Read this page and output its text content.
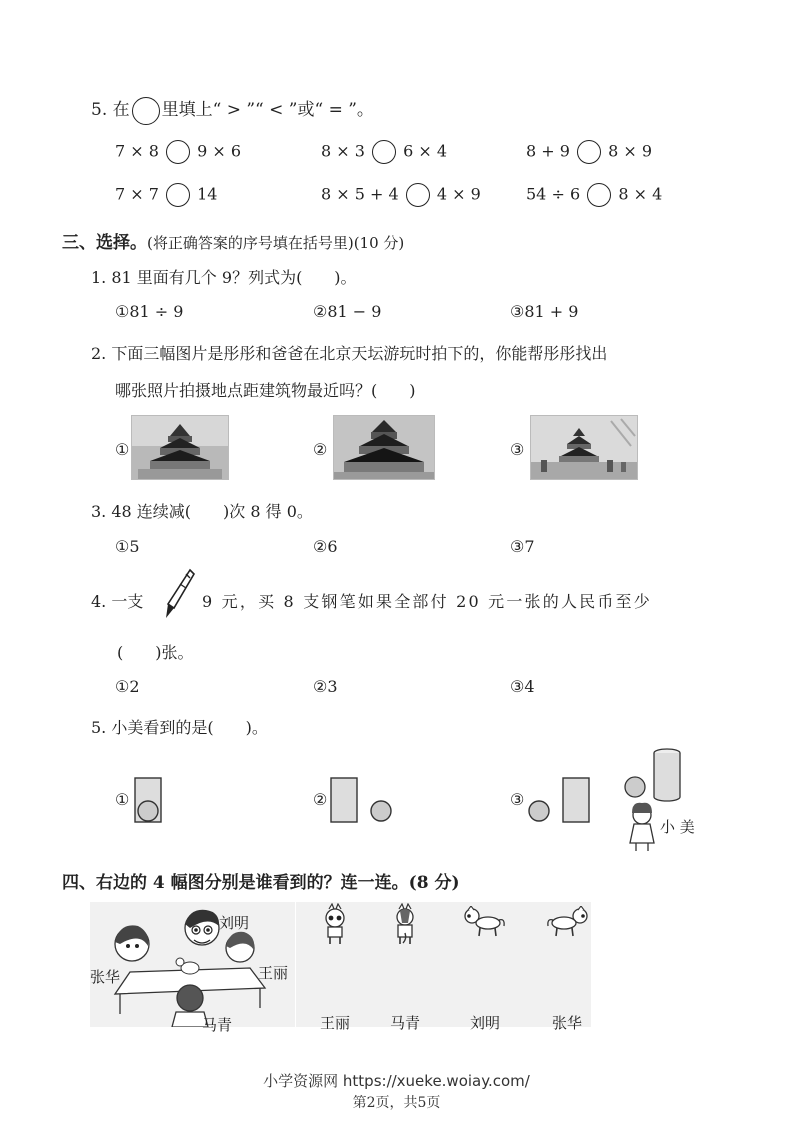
5. 在 里填上“ > ”“ < ”或“ = ”。
7 × 8 9 × 6	8 × 3 6 × 4	8 + 9 8 × 9
7 × 7 14	8 × 5 + 4 4 × 9	54 ÷ 6 8 × 4
三、选择。(将正确答案的序号填在括号里)(10 分)
1. 81 里面有几个 9？列式为(　　)。
①81 ÷ 9	②81 − 9	③81 + 9
2. 下面三幅图片是彤彤和爸爸在北京天坛游玩时拍下的，你能帮彤彤找出
哪张照片拍摄地点距建筑物最近吗？(　　)
①	②	③
3. 48 连续减(　　)次 8 得 0。
①5	②6	③7
4. 一支	9 元，买 8 支钢笔如果全部付 20 元一张的人民币至少
(　　)张。
①2	②3	③4
5. 小美看到的是(　　)。
①	②	③
小 美
四、右边的 4 幅图分别是谁看到的？连一连。(8 分)
刘明
张华	王丽
马青	王丽	马青	刘明	张华
小学资源网 https://xueke.woiay.com/
第2页，共5页
